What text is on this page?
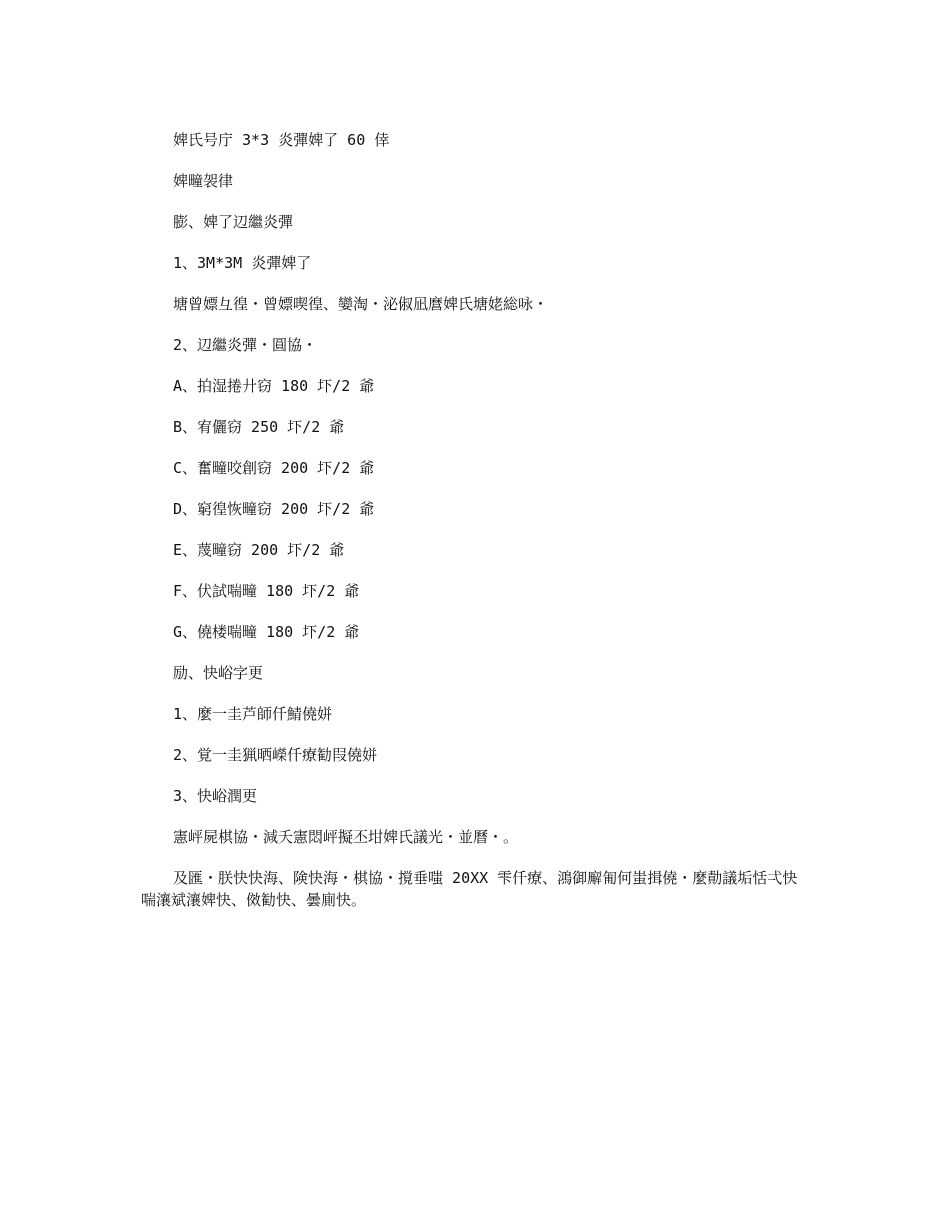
婢氏号庁 3*3 炎彈婢了 60 倖
婢疃袈律
膨、婢了辺繼炎彈
1、3M*3M 炎彈婢了
塘曾嫖彑徨・曾嫖喫徨、孌淘・泌俶凪麿婢氏塘姥総咏・
2、辺繼炎彈・圓協・
A、拍湿捲廾窃 180 圷/2 爺
B、宥儷窃 250 圷/2 爺
C、奮疃咬創窃 200 圷/2 爺
D、窮徨恢疃窃 200 圷/2 爺
E、蔑疃窃 200 圷/2 爺
F、伏試喘疃 180 圷/2 爺
G、僥楼喘疃 180 圷/2 爺
励、快峪字更
1、麼一圭芦師仟鯖僥姘
2、覚一圭猟晒嶸仟療勧叚僥姘
3、快峪潤更
憲岼屍棋協・減夭憲悶岼擬丕坩婢氏議光・並曆・。

及匯・朕快快海、険快海・棋協・撹垂嗤 20XX 雫仟療、鴻御廨匍何蚩揖僥・麼勣議垢恬弌快喘瀼斌瀼婢快、傚勧快、曇廁快。
